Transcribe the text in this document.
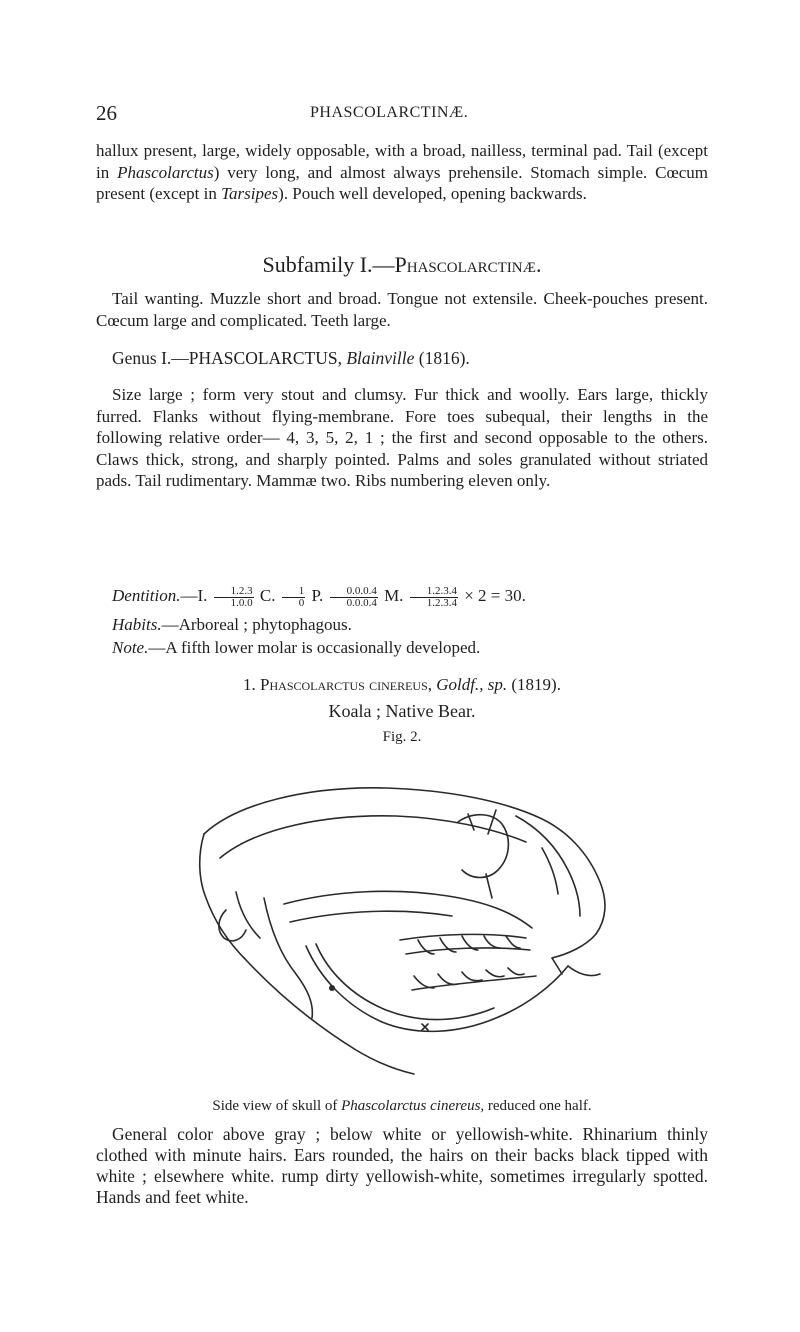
26	PHASCOLARCTINÆ.

hallux present, large, widely opposable, with a broad, nailless, terminal pad. Tail (except in Phascolarctus) very long, and almost always prehensile. Stomach simple. Cœcum present (except in Tarsipes). Pouch well developed, opening backwards.

Subfamily I.—Phascolarctinæ.

Tail wanting. Muzzle short and broad. Tongue not extensile. Cheek-pouches present. Cœcum large and complicated. Teeth large.

Genus I.—PHASCOLARCTUS, Blainville (1816).

Size large ; form very stout and clumsy. Fur thick and woolly. Ears large, thickly furred. Flanks without flying-membrane. Fore toes subequal, their lengths in the following relative order— 4, 3, 5, 2, 1 ; the first and second opposable to the others. Claws thick, strong, and sharply pointed. Palms and soles granulated without striated pads. Tail rudimentary. Mammæ two. Ribs numbering eleven only.

Dentition.—I. $\frac{1.2.3}{1.0.0} C$. $\frac{1}{0} P$. $\frac{0.0.0.4}{0.0.0.4} M$. $\frac{1.2.3.4}{1.2.3.4} \times 2 = 30$.

Habits.—Arboreal ; phytophagous.

Note.—A fifth lower molar is occasionally developed.

1. Phascolarctus cinereus, Goldf., sp. (1819).

Koala ; Native Bear.

Fig. 2.

Side view of skull of Phascolarctus cinereus, reduced one half.

General color above gray ; below white or yellowish-white. Rhinarium thinly clothed with minute hairs. Ears rounded, the hairs on their backs black tipped with white ; elsewhere white. rump dirty yellowish-white, sometimes irregularly spotted. Hands and feet white.
